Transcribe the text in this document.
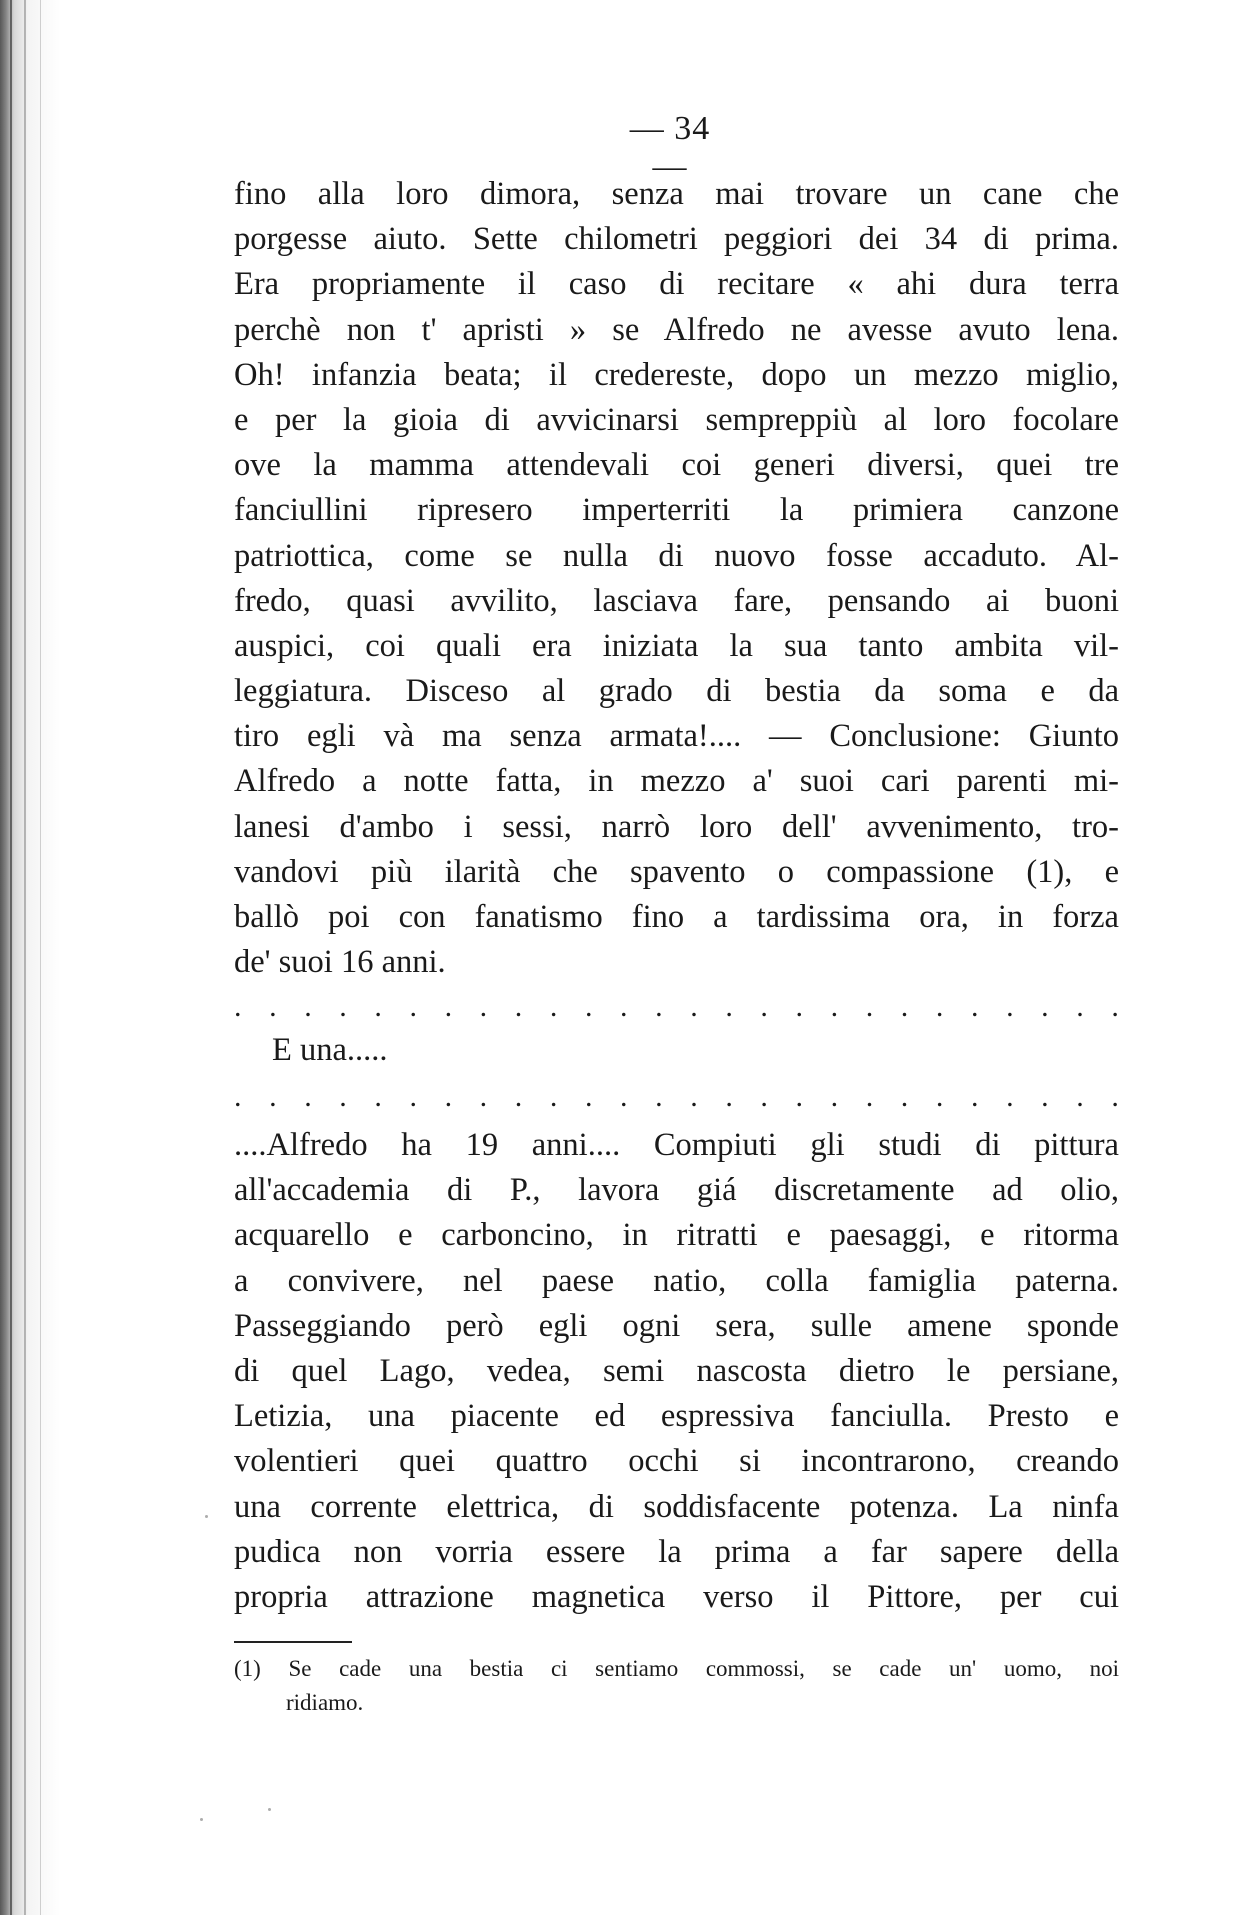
— 34 —
fino alla loro dimora, senza mai trovare un cane che
porgesse aiuto. Sette chilometri peggiori dei 34 di prima.
Era propriamente il caso di recitare « ahi dura terra
perchè non t' apristi » se Alfredo ne avesse avuto lena.
Oh! infanzia beata; il credereste, dopo un mezzo miglio,
e per la gioia di avvicinarsi sempreppiù al loro focolare
ove la mamma attendevali coi generi diversi, quei tre
fanciullini ripresero imperterriti la primiera canzone
patriottica, come se nulla di nuovo fosse accaduto. Al-
fredo, quasi avvilito, lasciava fare, pensando ai buoni
auspici, coi quali era iniziata la sua tanto ambita vil-
leggiatura. Disceso al grado di bestia da soma e da
tiro egli và ma senza armata!.... — Conclusione: Giunto
Alfredo a notte fatta, in mezzo a' suoi cari parenti mi-
lanesi d'ambo i sessi, narrò loro dell' avvenimento, tro-
vandovi più ilarità che spavento o compassione (1), e
ballò poi con fanatismo fino a tardissima ora, in forza
de' suoi 16 anni.
. . . . . . . . . . . . . . . . . . . . . . . . . .
E una.....
. . . . . . . . . . . . . . . . . . . . . . . . . .
....Alfredo ha 19 anni.... Compiuti gli studi di pittura
all'accademia di P., lavora giá discretamente ad olio,
acquarello e carboncino, in ritratti e paesaggi, e ritorma
a convivere, nel paese natio, colla famiglia paterna.
Passeggiando però egli ogni sera, sulle amene sponde
di quel Lago, vedea, semi nascosta dietro le persiane,
Letizia, una piacente ed espressiva fanciulla. Presto e
volentieri quei quattro occhi si incontrarono, creando
una corrente elettrica, di soddisfacente potenza. La ninfa
pudica non vorria essere la prima a far sapere della
propria attrazione magnetica verso il Pittore, per cui
(1) Se cade una bestia ci sentiamo commossi, se cade un' uomo, noi
ridiamo.
